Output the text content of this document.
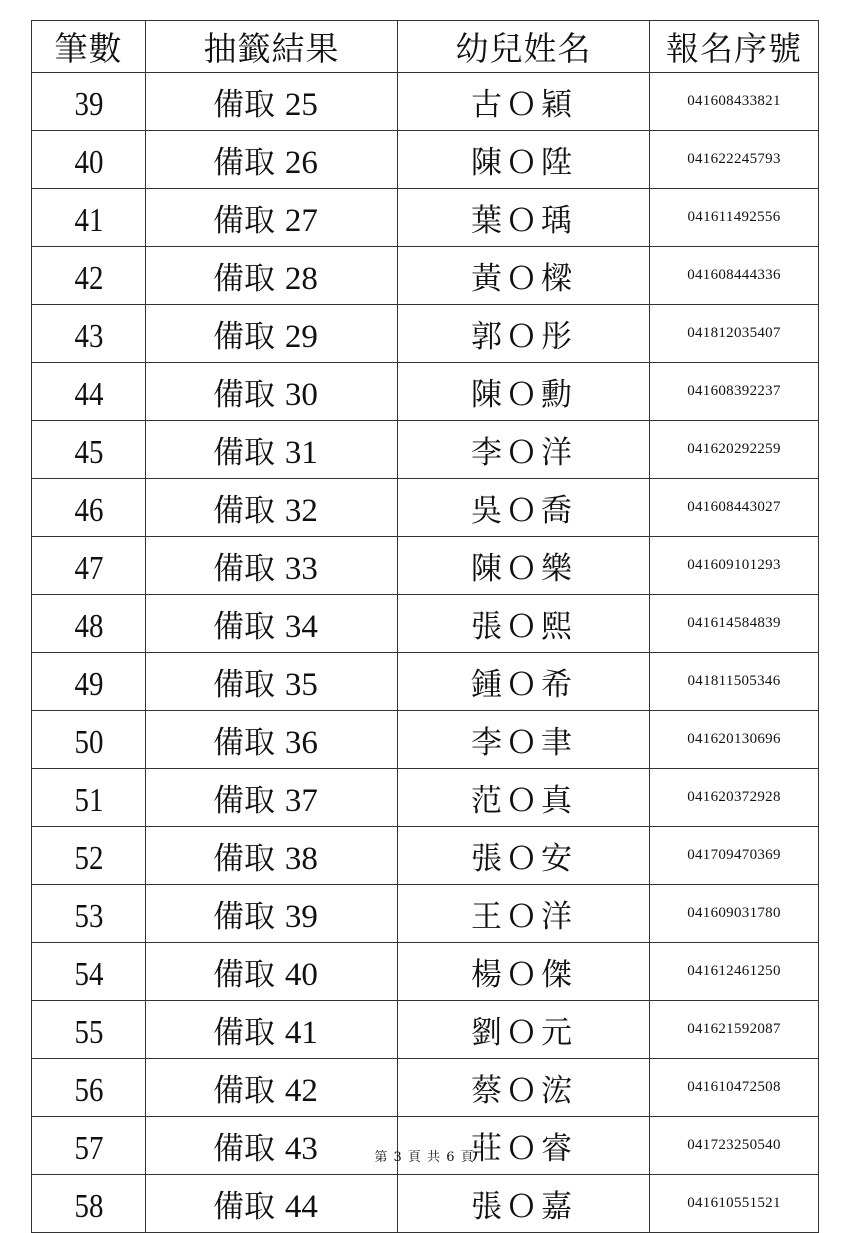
筆數	抽籤結果	幼兒姓名	報名序號
39	備取 25	古Ｏ穎	041608433821
40	備取 26	陳Ｏ陞	041622245793
41	備取 27	葉Ｏ瑀	041611492556
42	備取 28	黃Ｏ樑	041608444336
43	備取 29	郭Ｏ彤	041812035407
44	備取 30	陳Ｏ勳	041608392237
45	備取 31	李Ｏ洋	041620292259
46	備取 32	吳Ｏ喬	041608443027
47	備取 33	陳Ｏ樂	041609101293
48	備取 34	張Ｏ熙	041614584839
49	備取 35	鍾Ｏ希	041811505346
50	備取 36	李Ｏ聿	041620130696
51	備取 37	范Ｏ真	041620372928
52	備取 38	張Ｏ安	041709470369
53	備取 39	王Ｏ洋	041609031780
54	備取 40	楊Ｏ傑	041612461250
55	備取 41	劉Ｏ元	041621592087
56	備取 42	蔡Ｏ浤	041610472508
57	備取 43	莊Ｏ睿	041723250540
58	備取 44	張Ｏ嘉	041610551521
第 3 頁 共 6 頁
